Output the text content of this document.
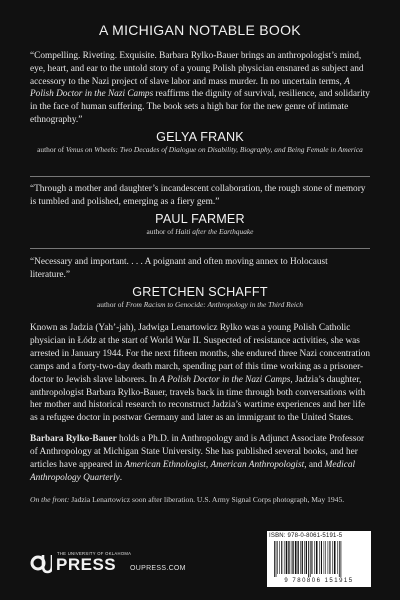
A MICHIGAN NOTABLE BOOK

“Compelling. Riveting. Exquisite. Barbara Rylko-Bauer brings an anthropologist’s mind, eye, heart, and ear to the untold story of a young Polish physician ensnared as subject and accessory to the Nazi project of slave labor and mass murder. In no uncertain terms, A Polish Doctor in the Nazi Camps reaffirms the dignity of survival, resilience, and solidarity in the face of human suffering. The book sets a high bar for the new genre of intimate ethnography.”

GELYA FRANK
author of Venus on Wheels: Two Decades of Dialogue on Disability, Biography, and Being Female in America

“Through a mother and daughter’s incandescent collaboration, the rough stone of memory is tumbled and polished, emerging as a fiery gem.”

PAUL FARMER
author of Haiti after the Earthquake

“Necessary and important. . . . A poignant and often moving annex to Holocaust literature.”

GRETCHEN SCHAFFT
author of From Racism to Genocide: Anthropology in the Third Reich

Known as Jadzia (Yah’-jah), Jadwiga Lenartowicz Rylko was a young Polish Catholic physician in Łódz at the start of World War II. Suspected of resistance activities, she was arrested in January 1944. For the next fifteen months, she endured three Nazi concentration camps and a forty-two-day death march, spending part of this time working as a prisoner-doctor to Jewish slave laborers. In A Polish Doctor in the Nazi Camps, Jadzia’s daughter, anthropologist Barbara Rylko-Bauer, travels back in time through both conversations with her mother and historical research to reconstruct Jadzia’s wartime experiences and her life as a refugee doctor in postwar Germany and later as an immigrant to the United States.

Barbara Rylko-Bauer holds a Ph.D. in Anthropology and is Adjunct Associate Professor of Anthropology at Michigan State University. She has published several books, and her articles have appeared in American Ethnologist, American Anthropologist, and Medical Anthropology Quarterly.

On the front: Jadzia Lenartowicz soon after liberation. U.S. Army Signal Corps photograph, May 1945.
THE UNIVERSITY OF OKLAHOMA
PRESS OUPRESS.COM
ISBN: 978-0-8061-5191-5
9 780806 151915
